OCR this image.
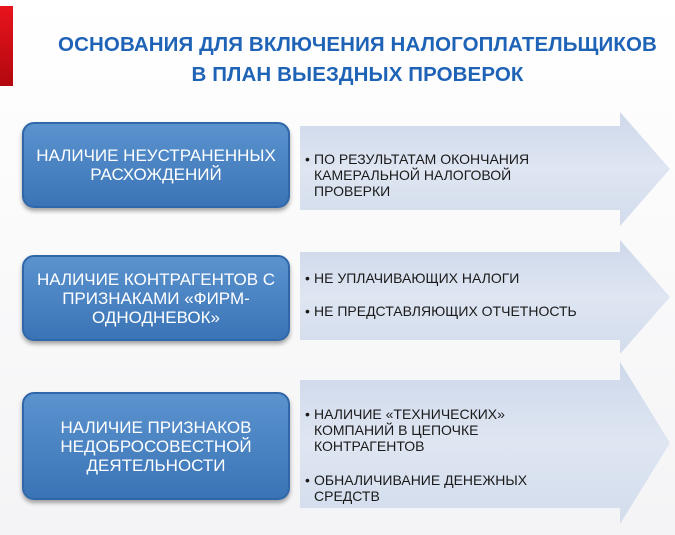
ОСНОВАНИЯ ДЛЯ ВКЛЮЧЕНИЯ НАЛОГОПЛАТЕЛЬЩИКОВ
В ПЛАН ВЫЕЗДНЫХ ПРОВЕРОК
НАЛИЧИЕ НЕУСТРАНЕННЫХ РАСХОЖДЕНИЙ
• ПО РЕЗУЛЬТАТАМ ОКОНЧАНИЯ КАМЕРАЛЬНОЙ НАЛОГОВОЙ ПРОВЕРКИ
НАЛИЧИЕ КОНТРАГЕНТОВ С ПРИЗНАКАМИ «ФИРМ-ОДНОДНЕВОК»
• НЕ УПЛАЧИВАЮЩИХ НАЛОГИ
• НЕ ПРЕДСТАВЛЯЮЩИХ ОТЧЕТНОСТЬ
НАЛИЧИЕ ПРИЗНАКОВ НЕДОБРОСОВЕСТНОЙ ДЕЯТЕЛЬНОСТИ
• НАЛИЧИЕ «ТЕХНИЧЕСКИХ» КОМПАНИЙ В ЦЕПОЧКЕ КОНТРАГЕНТОВ
• ОБНАЛИЧИВАНИЕ ДЕНЕЖНЫХ СРЕДСТВ
